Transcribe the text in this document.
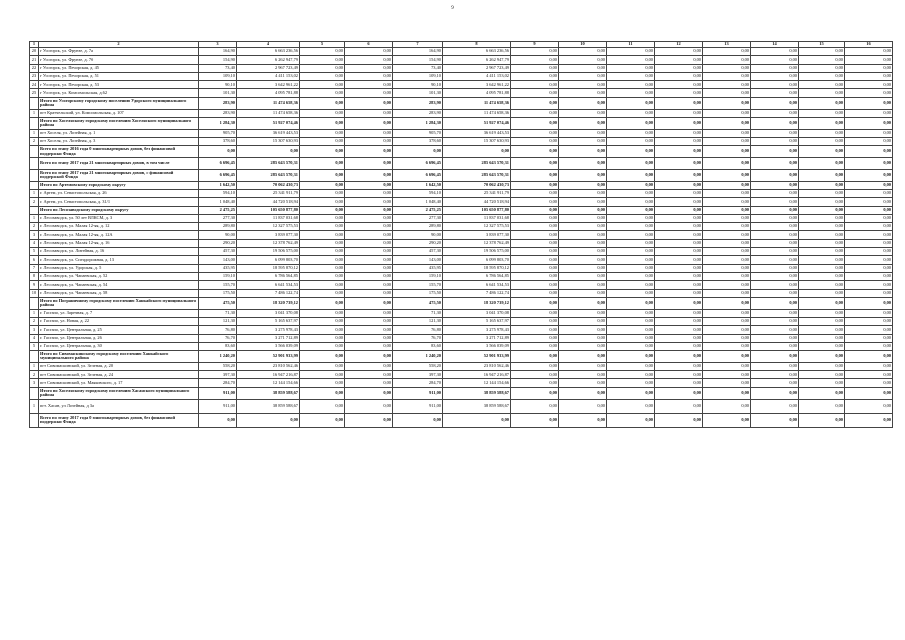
9
1	2	3	4	5	6	7	8	9	10	11	12	13	14	15	16
20	г Усогорск, ул. Фрунзе, д. 7а	164,90	6 663 236,56	0,00	0,00	164,90	6 663 236,56	0,00	0,00	0,00	0,00	0,00	0,00	0,00	0,00
21	г Усогорск, ул. Фрунзе, д. 7б	154,90	6 262 947,79	0,00	0,00	154,90	6 262 947,79	0,00	0,00	0,00	0,00	0,00	0,00	0,00	0,00
22	г Усогорск, ул. Печорская, д. 45	73,40	2 967 723,49	0,00	0,00	73,40	2 967 723,49	0,00	0,00	0,00	0,00	0,00	0,00	0,00	0,00
23	г Усогорск, ул. Печорская, д. 51	109,10	4 411 153,02	0,00	0,00	109,10	4 411 153,02	0,00	0,00	0,00	0,00	0,00	0,00	0,00	0,00
24	г Усогорск, ул. Печорская, д. 53	90,10	3 642 961,22	0,00	0,00	90,10	3 642 961,22	0,00	0,00	0,00	0,00	0,00	0,00	0,00	0,00
25	г Усогорск, ул. Комсомольская, д.62	101,30	4 095 781,88	0,00	0,00	101,30	4 095 781,88	0,00	0,00	0,00	0,00	0,00	0,00	0,00	0,00
	Итого по Усогорскому городскому поселению Удорского муниципального района	283,90	11 474 658,36	0,00	0,00	283,90	11 474 658,36	0,00	0,00	0,00	0,00	0,00	0,00	0,00	0,00
1	пгт Кратчельский, ул. Комсомольская, д. 107	283,90	11 474 658,36	0,00	0,00	283,90	11 474 658,36	0,00	0,00	0,00	0,00	0,00	0,00	0,00	0,00
	Итого по Хоселяскому городскому поселению Хоселяского муниципального района	1 284,30	51 927 074,46	0,00	0,00	1 284,30	51 927 074,46	0,00	0,00	0,00	0,00	0,00	0,00	0,00	0,00
1	пгт Хоселя, ул. Лозейная, д. 1	905,70	36 619 443,53	0,00	0,00	905,70	36 619 443,53	0,00	0,00	0,00	0,00	0,00	0,00	0,00	0,00
2	пгт Хоселя, ул. Лозейная, д. 3	378,60	15 307 630,93	0,00	0,00	378,60	15 307 630,93	0,00	0,00	0,00	0,00	0,00	0,00	0,00	0,00
	Всего по этапу 2016 года 0 многоквартирных домов, без финансовой поддержки Фонда	0,00	0,00	0,00	0,00	0,00	0,00	0,00	0,00	0,00	0,00	0,00	0,00	0,00	0,00
	Всего по этапу 2017 года 21 многоквартирных домов, в том числе	6 696,45	285 643 570,31	0,00	0,00	6 696,45	285 643 570,31	0,00	0,00	0,00	0,00	0,00	0,00	0,00	0,00
	Всего по этапу 2017 года 21 многоквартирных домов, с финансовой поддержкой Фонда	6 696,45	285 643 570,31	0,00	0,00	6 696,45	285 643 570,31	0,00	0,00	0,00	0,00	0,00	0,00	0,00	0,00
	Итого по Артемовскому городскому округу	1 642,50	70 062 430,73	0,00	0,00	1 642,50	70 062 430,73	0,00	0,00	0,00	0,00	0,00	0,00	0,00	0,00
1	г. Артем, ул. Севастопольская, д. 26	594,10	25 341 911,79	0,00	0,00	594,10	25 341 911,79	0,00	0,00	0,00	0,00	0,00	0,00	0,00	0,00
2	г. Артем, ул. Севастопольская, д. 31/1	1 048,40	44 720 518,94	0,00	0,00	1 048,40	44 720 518,94	0,00	0,00	0,00	0,00	0,00	0,00	0,00	0,00
	Итого по Лесозаводскому городскому округу	2 475,25	105 650 877,80	0,00	0,00	2 475,25	105 650 877,80	0,00	0,00	0,00	0,00	0,00	0,00	0,00	0,00
1	г. Лесозаводск, ул. 50 лет ВЛКСМ, д. 3	277,30	11 837 031,68	0,00	0,00	277,30	11 837 031,68	0,00	0,00	0,00	0,00	0,00	0,00	0,00	0,00
2	г. Лесозаводск, ул. Малая 12-яя, д. 12	289,80	12 327 575,53	0,00	0,00	289,80	12 327 575,53	0,00	0,00	0,00	0,00	0,00	0,00	0,00	0,00
3	г. Лесозаводск, ул. Малая 12-яя, д. 12А	90,00	3 839 077,30	0,00	0,00	90,00	3 839 077,30	0,00	0,00	0,00	0,00	0,00	0,00	0,00	0,00
4	г. Лесозаводск, ул. Малая 12-яя, д. 16	290,20	12 378 762,49	0,00	0,00	290,20	12 378 762,49	0,00	0,00	0,00	0,00	0,00	0,00	0,00	0,00
5	г. Лесозаводск, ул. Литейная, д. 16	457,30	19 506 575,00	0,00	0,00	457,30	19 506 575,00	0,00	0,00	0,00	0,00	0,00	0,00	0,00	0,00
6	г. Лесозаводск, ул. Спецдорожная, д. 13	143,00	6 099 803,70	0,00	0,00	143,00	6 099 803,70	0,00	0,00	0,00	0,00	0,00	0,00	0,00	0,00
7	г. Лесозаводск, ул. Удорская, д. 5	435,95	18 595 870,12	0,00	0,00	435,95	18 595 870,12	0,00	0,00	0,00	0,00	0,00	0,00	0,00	0,00
8	г. Лесозаводск, ул. Чапаевская, д. 52	159,10	6 786 564,85	0,00	0,00	159,10	6 786 564,85	0,00	0,00	0,00	0,00	0,00	0,00	0,00	0,00
9	г. Лесозаводск, ул. Чапаевская, д. 54	155,70	6 641 534,53	0,00	0,00	155,70	6 641 534,53	0,00	0,00	0,00	0,00	0,00	0,00	0,00	0,00
10	г. Лесозаводск, ул. Чапаевская, д. 58	175,50	7 486 122,74	0,00	0,00	175,50	7 486 122,74	0,00	0,00	0,00	0,00	0,00	0,00	0,00	0,00
	Итого по Пограничному городскому поселению Ханкайского муниципального района	475,50	18 320 739,12	0,00	0,00	475,50	18 320 739,12	0,00	0,00	0,00	0,00	0,00	0,00	0,00	0,00
1	г. Гасгапо, ул. Заречная, д. 7	71,30	3 041 370,08	0,00	0,00	71,30	3 041 370,08	0,00	0,00	0,00	0,00	0,00	0,00	0,00	0,00
2	г. Гасгапо, ул. Новая, д. 22	121,30	5 165 637,97	0,00	0,00	121,30	5 165 637,97	0,00	0,00	0,00	0,00	0,00	0,00	0,00	0,00
3	г. Гасгапо, ул. Центральная, д. 25	76,80	3 275 978,43	0,00	0,00	76,80	3 275 978,43	0,00	0,00	0,00	0,00	0,00	0,00	0,00	0,00
4	г. Гасгапо, ул. Центральная, д. 26	76,70	3 271 712,89	0,00	0,00	76,70	3 271 712,89	0,00	0,00	0,00	0,00	0,00	0,00	0,00	0,00
5	г. Гасгапо, ул. Центральная, д. 30	83,60	3 566 039,09	0,00	0,00	83,60	3 566 039,09	0,00	0,00	0,00	0,00	0,00	0,00	0,00	0,00
	Итого по Сивомаскинскому городскому поселению Ханкайского муниципального района	1 240,20	52 901 933,99	0,00	0,00	1 240,20	52 901 933,99	0,00	0,00	0,00	0,00	0,00	0,00	0,00	0,00
1	пгт Сивомаскинский, ул. Зеленая, д. 20	558,20	23 810 562,46	0,00	0,00	558,20	23 810 562,46	0,00	0,00	0,00	0,00	0,00	0,00	0,00	0,00
2	пгт Сивомаскинский, ул. Зеленая, д. 24	397,30	16 947 216,87	0,00	0,00	397,30	16 947 216,87	0,00	0,00	0,00	0,00	0,00	0,00	0,00	0,00
3	пгт Сивомаскинский, ул. Маяковского, д. 17	284,70	12 144 154,66	0,00	0,00	284,70	12 144 154,66	0,00	0,00	0,00	0,00	0,00	0,00	0,00	0,00
	Итого по Хоселяскому городскому поселению Хасанского муниципального района	911,00	38 859 588,67	0,00	0,00	911,00	38 859 588,67	0,00	0,00	0,00	0,00	0,00	0,00	0,00	0,00
1	пгт. Хасан, ул Лозейная, д 3а	911,00	38 859 588,67	0,00	0,00	911,00	38 859 588,67	0,00	0,00	0,00	0,00	0,00	0,00	0,00	0,00
	Всего по этапу 2017 года 0 многоквартирных домов, без финансовой поддержки Фонда	0,00	0,00	0,00	0,00	0,00	0,00	0,00	0,00	0,00	0,00	0,00	0,00	0,00	0,00
